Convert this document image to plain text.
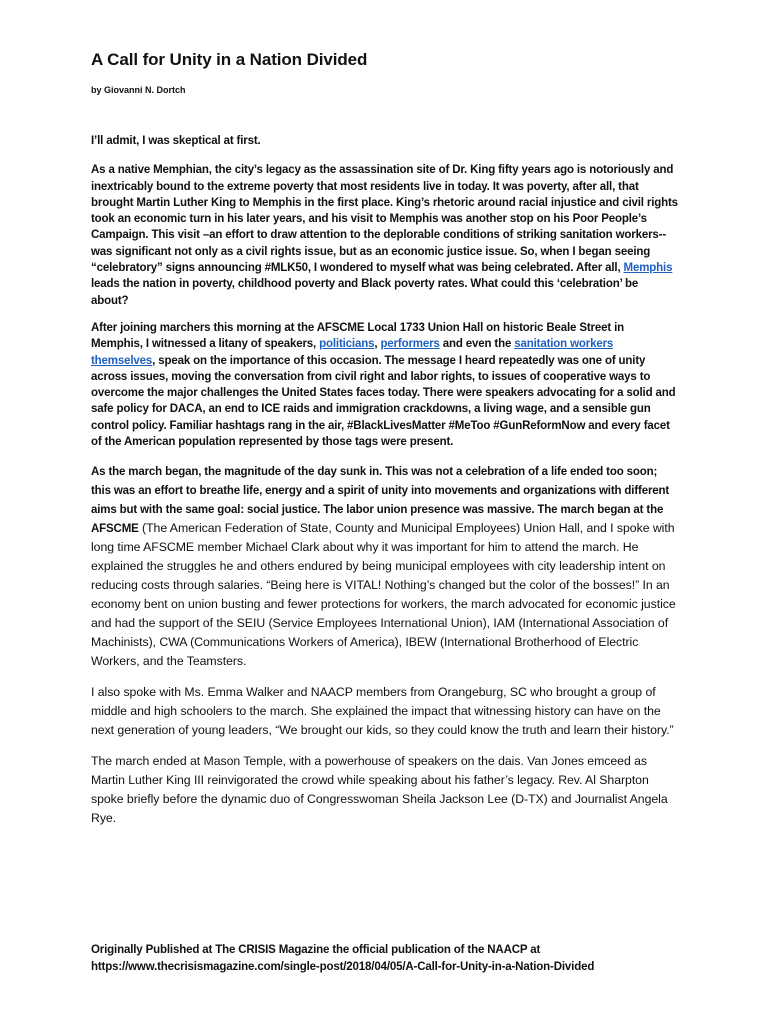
A Call for Unity in a Nation Divided
by Giovanni N. Dortch

I’ll admit, I was skeptical at first.

As a native Memphian, the city’s legacy as the assassination site of Dr. King fifty years ago is notoriously and inextricably bound to the extreme poverty that most residents live in today. It was poverty, after all, that brought Martin Luther King to Memphis in the first place. King’s rhetoric around racial injustice and civil rights took an economic turn in his later years, and his visit to Memphis was another stop on his Poor People’s Campaign. This visit –an effort to draw attention to the deplorable conditions of striking sanitation workers-- was significant not only as a civil rights issue, but as an economic justice issue. So, when I began seeing “celebratory” signs announcing #MLK50, I wondered to myself what was being celebrated. After all, Memphis leads the nation in poverty, childhood poverty and Black poverty rates. What could this ‘celebration’ be about?

After joining marchers this morning at the AFSCME Local 1733 Union Hall on historic Beale Street in Memphis, I witnessed a litany of speakers, politicians, performers and even the sanitation workers themselves, speak on the importance of this occasion. The message I heard repeatedly was one of unity across issues, moving the conversation from civil right and labor rights, to issues of cooperative ways to overcome the major challenges the United States faces today. There were speakers advocating for a solid and safe policy for DACA, an end to ICE raids and immigration crackdowns, a living wage, and a sensible gun control policy. Familiar hashtags rang in the air, #BlackLivesMatter #MeToo #GunReformNow and every facet of the American population represented by those tags were present.

As the march began, the magnitude of the day sunk in. This was not a celebration of a life ended too soon; this was an effort to breathe life, energy and a spirit of unity into movements and organizations with different aims but with the same goal: social justice. The labor union presence was massive. The march began at the AFSCME (The American Federation of State, County and Municipal Employees) Union Hall, and I spoke with long time AFSCME member Michael Clark about why it was important for him to attend the march. He explained the struggles he and others endured by being municipal employees with city leadership intent on reducing costs through salaries. “Being here is VITAL! Nothing’s changed but the color of the bosses!” In an economy bent on union busting and fewer protections for workers, the march advocated for economic justice and had the support of the SEIU (Service Employees International Union), IAM (International Association of Machinists), CWA (Communications Workers of America), IBEW (International Brotherhood of Electric Workers, and the Teamsters.

I also spoke with Ms. Emma Walker and NAACP members from Orangeburg, SC who brought a group of middle and high schoolers to the march. She explained the impact that witnessing history can have on the next generation of young leaders, “We brought our kids, so they could know the truth and learn their history.”

The march ended at Mason Temple, with a powerhouse of speakers on the dais. Van Jones emceed as Martin Luther King III reinvigorated the crowd while speaking about his father’s legacy. Rev. Al Sharpton spoke briefly before the dynamic duo of Congresswoman Sheila Jackson Lee (D-TX) and Journalist Angela Rye.

Originally Published at The CRISIS Magazine the official publication of the NAACP at
https://www.thecrisismagazine.com/single-post/2018/04/05/A-Call-for-Unity-in-a-Nation-Divided
